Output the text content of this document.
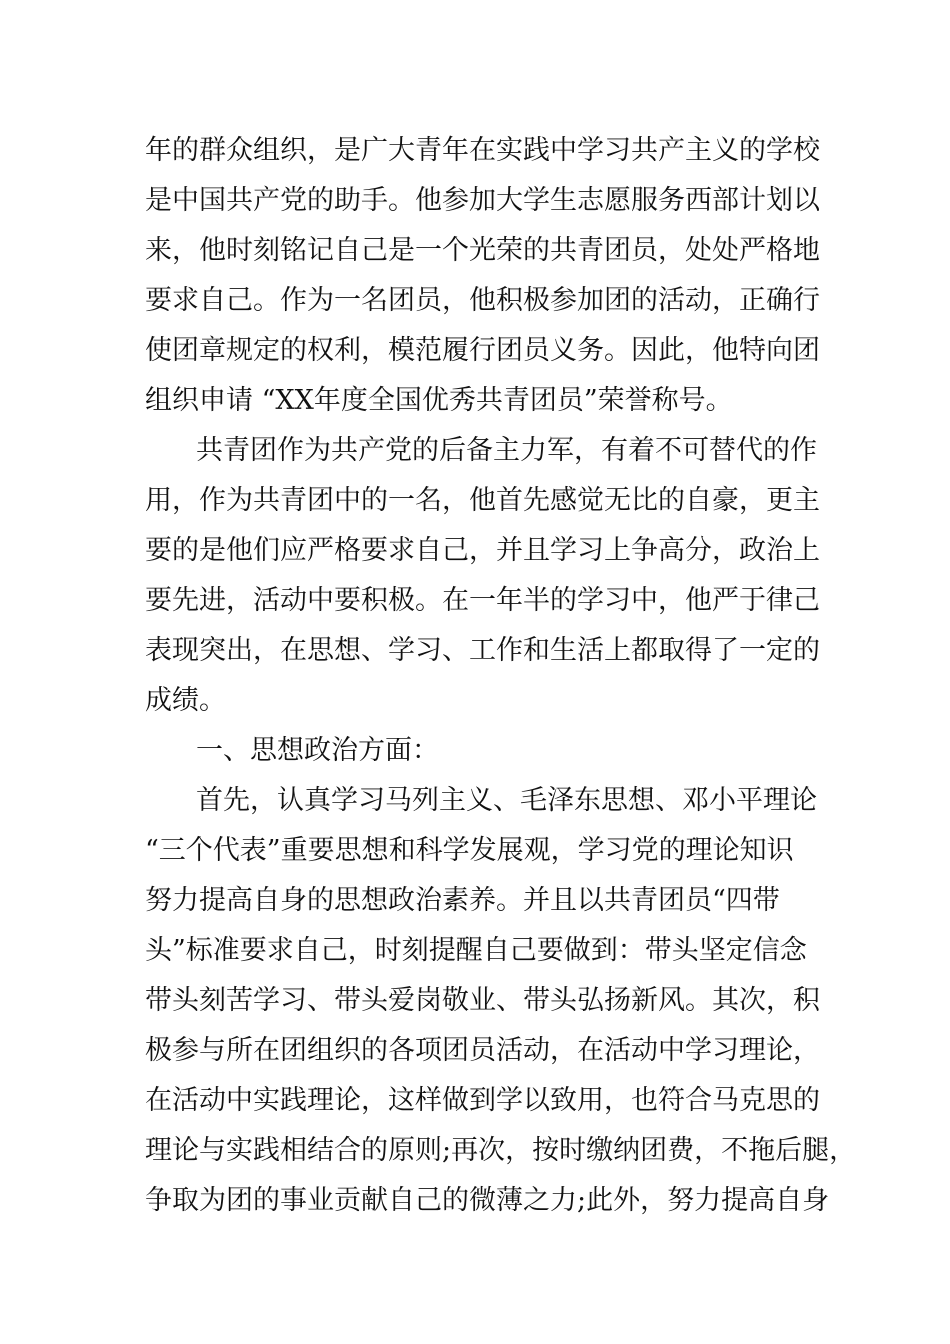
年的群众组织，是广大青年在实践中学习共产主义的学校
是中国共产党的助手。他参加大学生志愿服务西部计划以
来，他时刻铭记自己是一个光荣的共青团员，处处严格地
要求自己。作为一名团员，他积极参加团的活动，正确行
使团章规定的权利，模范履行团员义务。因此，他特向团
组织申请 “XX年度全国优秀共青团员”荣誉称号。
共青团作为共产党的后备主力军，有着不可替代的作
用，作为共青团中的一名，他首先感觉无比的自豪，更主
要的是他们应严格要求自己，并且学习上争高分，政治上
要先进，活动中要积极。在一年半的学习中，他严于律己
表现突出，在思想、学习、工作和生活上都取得了一定的
成绩。
一、思想政治方面：
首先，认真学习马列主义、毛泽东思想、邓小平理论
“三个代表”重要思想和科学发展观，学习党的理论知识
努力提高自身的思想政治素养。并且以共青团员“四带
头”标准要求自己，时刻提醒自己要做到：带头坚定信念
带头刻苦学习、带头爱岗敬业、带头弘扬新风。其次，积
极参与所在团组织的各项团员活动，在活动中学习理论，
在活动中实践理论，这样做到学以致用，也符合马克思的
理论与实践相结合的原则;再次，按时缴纳团费，不拖后腿，
争取为团的事业贡献自己的微薄之力;此外，努力提高自身
